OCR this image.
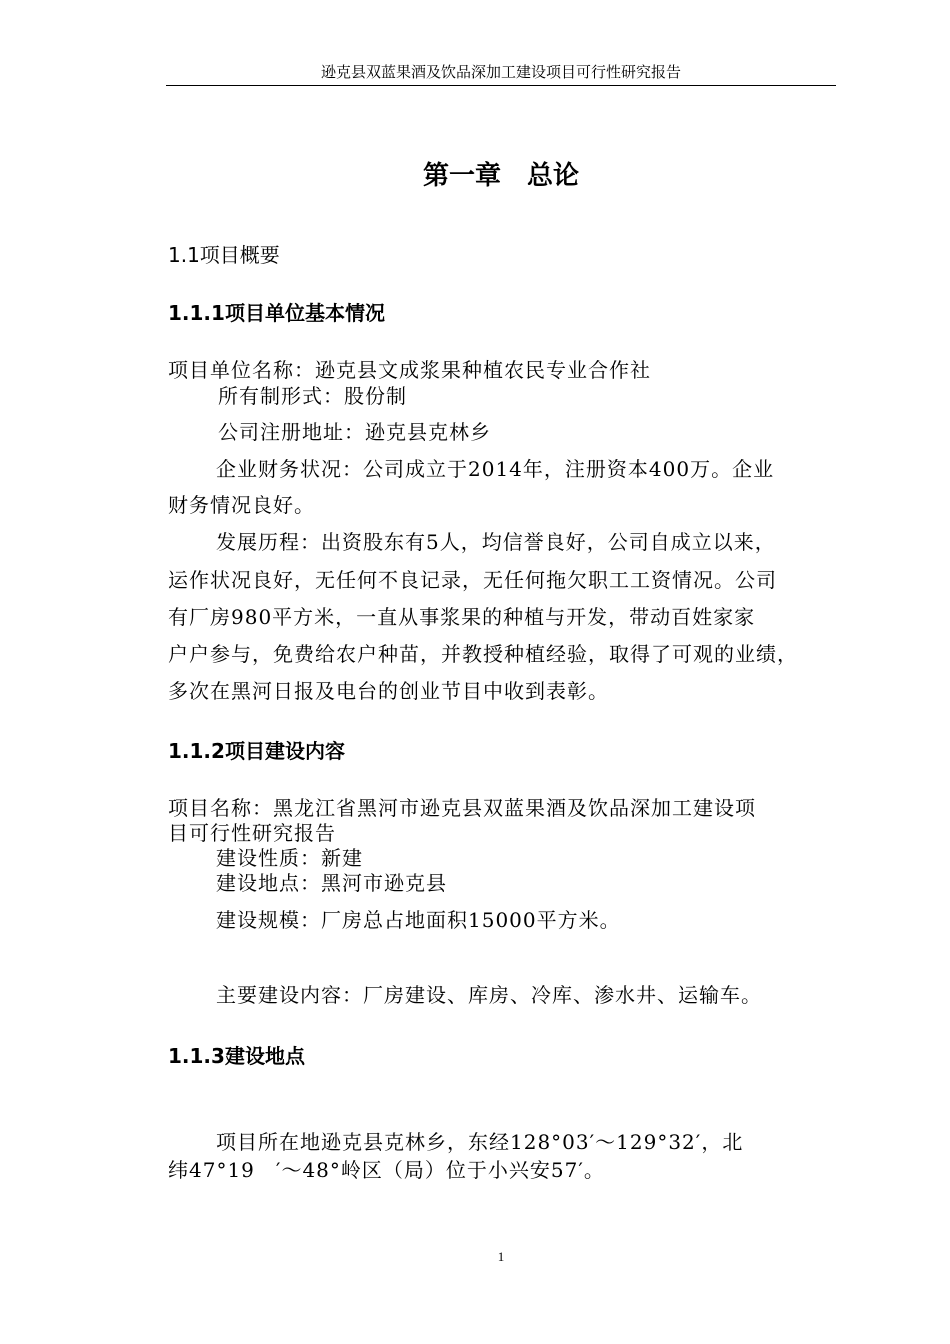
逊克县双蓝果酒及饮品深加工建设项目可行性研究报告
第一章　总论
1.1项目概要
1.1.1项目单位基本情况
项目单位名称：逊克县文成浆果种植农民专业合作社
所有制形式：股份制
公司注册地址：逊克县克林乡
企业财务状况：公司成立于2014年，注册资本400万。企业
财务情况良好。
发展历程：出资股东有5人，均信誉良好，公司自成立以来，
运作状况良好，无任何不良记录，无任何拖欠职工工资情况。公司
有厂房980平方米，一直从事浆果的种植与开发，带动百姓家家
户户参与，免费给农户种苗，并教授种植经验，取得了可观的业绩，
多次在黑河日报及电台的创业节目中收到表彰。
1.1.2项目建设内容
项目名称：黑龙江省黑河市逊克县双蓝果酒及饮品深加工建设项
目可行性研究报告
建设性质：新建
建设地点：黑河市逊克县
建设规模：厂房总占地面积15000平方米。
主要建设内容：厂房建设、库房、冷库、渗水井、运输车。
1.1.3建设地点
项目所在地逊克县克林乡，东经128°03′～129°32′，北
纬47°19　′～48°岭区（局）位于小兴安57′。
1
